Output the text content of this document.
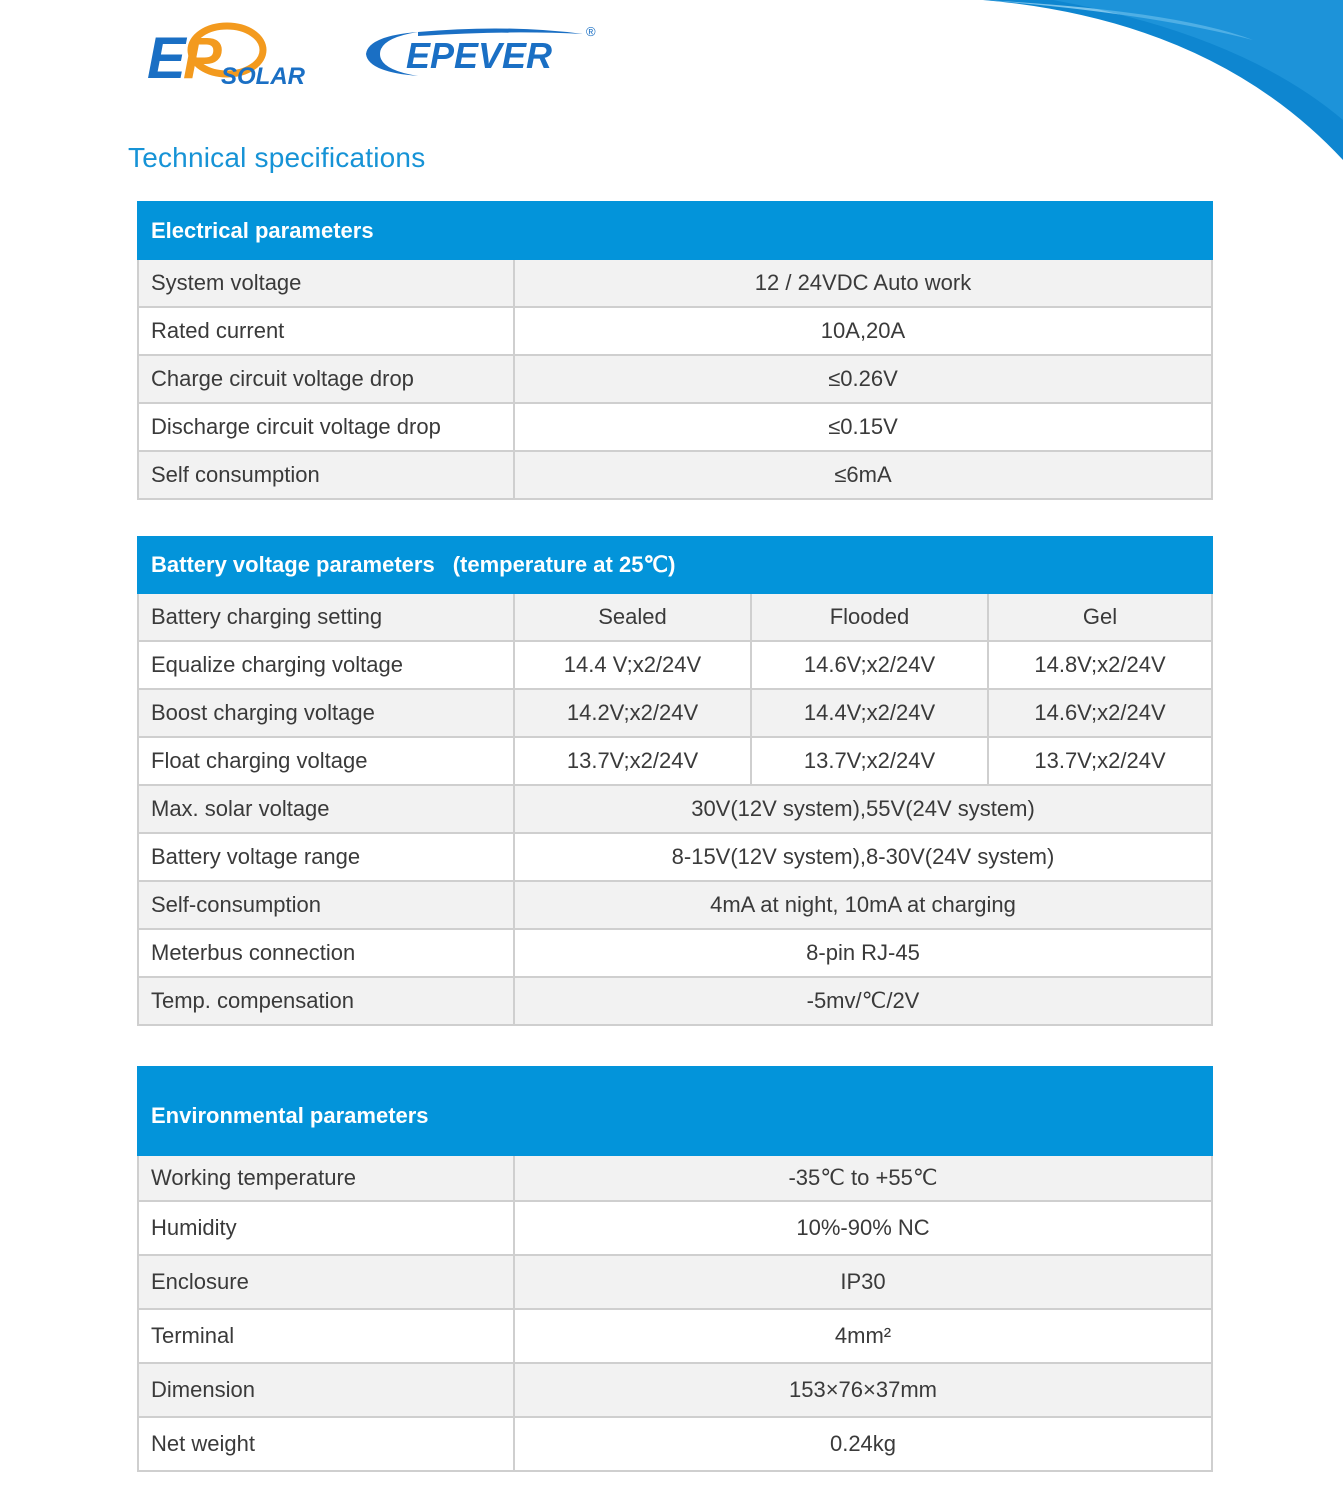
E
P SOLAR
EPEVER
®
Technical specifications
Electrical parameters	
System voltage	12 / 24VDC Auto work
Rated current	10A,20A
Charge circuit voltage drop	≤0.26V
Discharge circuit voltage drop	≤0.15V
Self consumption	≤6mA
Battery voltage parameters (temperature at 25℃)			
Battery charging setting	Sealed	Flooded	Gel
Equalize charging voltage	14.4 V;x2/24V	14.6V;x2/24V	14.8V;x2/24V
Boost charging voltage	14.2V;x2/24V	14.4V;x2/24V	14.6V;x2/24V
Float charging voltage	13.7V;x2/24V	13.7V;x2/24V	13.7V;x2/24V
Max. solar voltage	30V(12V system),55V(24V system)		
Battery voltage range	8-15V(12V system),8-30V(24V system)		
Self-consumption	4mA at night, 10mA at charging		
Meterbus connection	8-pin RJ-45		
Temp. compensation	-5mv/℃/2V		
Environmental parameters	
Working temperature	-35℃ to +55℃
Humidity	10%-90% NC
Enclosure	IP30
Terminal	4mm²
Dimension	153×76×37mm
Net weight	0.24kg
